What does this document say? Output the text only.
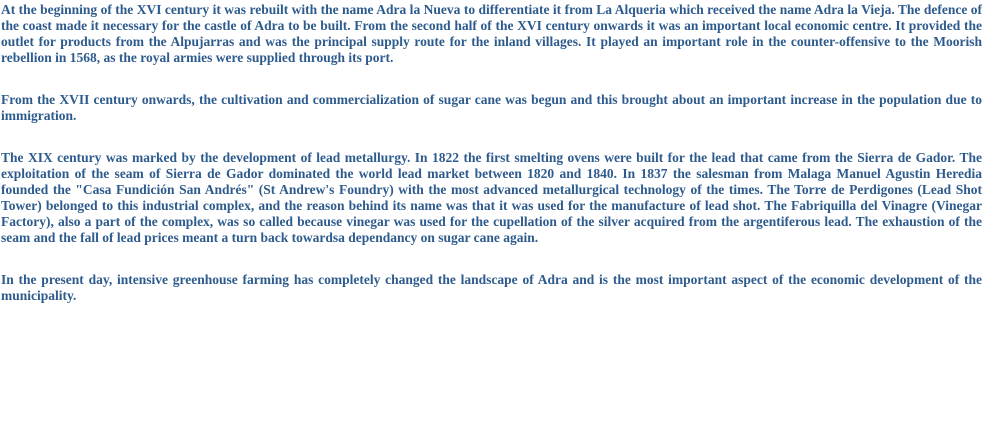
At the beginning of the XVI century it was rebuilt with the name Adra la Nueva to differentiate it from La Alqueria which received the name Adra la Vieja. The defence of the coast made it necessary for the castle of Adra to be built. From the second half of the XVI century onwards it was an important local economic centre. It provided the outlet for products from the Alpujarras and was the principal supply route for the inland villages. It played an important role in the counter-offensive to the Moorish rebellion in 1568, as the royal armies were supplied through its port.

From the XVII century onwards, the cultivation and commercialization of sugar cane was begun and this brought about an important increase in the population due to immigration.

The XIX century was marked by the development of lead metallurgy. In 1822 the first smelting ovens were built for the lead that came from the Sierra de Gador. The exploitation of the seam of Sierra de Gador dominated the world lead market between 1820 and 1840. In 1837 the salesman from Malaga Manuel Agustin Heredia founded the "Casa Fundición San Andrés" (St Andrew's Foundry) with the most advanced metallurgical technology of the times. The Torre de Perdigones (Lead Shot Tower) belonged to this industrial complex, and the reason behind its name was that it was used for the manufacture of lead shot. The Fabriquilla del Vinagre (Vinegar Factory), also a part of the complex, was so called because vinegar was used for the cupellation of the silver acquired from the argentiferous lead. The exhaustion of the seam and the fall of lead prices meant a turn back towardsa dependancy on sugar cane again.

In the present day, intensive greenhouse farming has completely changed the landscape of Adra and is the most important aspect of the economic development of the municipality.
